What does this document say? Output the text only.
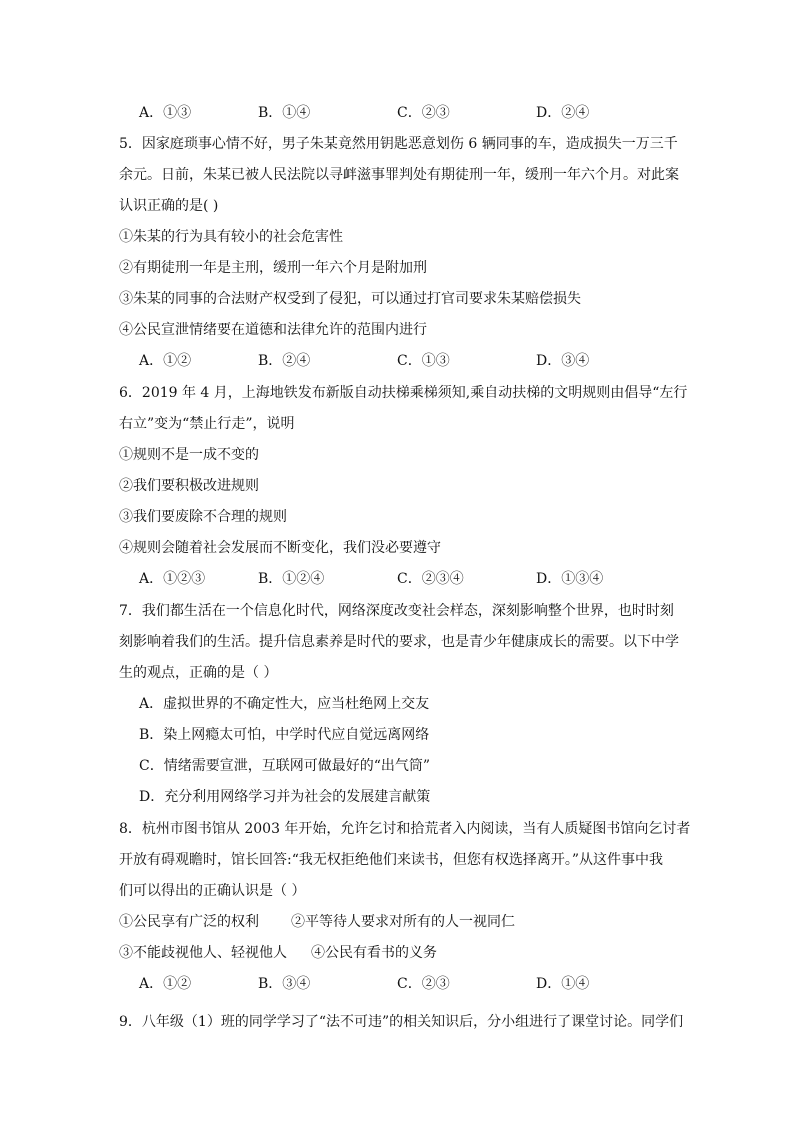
A．①③	B．①④	C．②③	D．②④
5．因家庭琐事心情不好，男子朱某竟然用钥匙恶意划伤 6 辆同事的车，造成损失一万三千
余元。日前，朱某已被人民法院以寻衅滋事罪判处有期徒刑一年，缓刑一年六个月。对此案
认识正确的是( )
①朱某的行为具有较小的社会危害性
②有期徒刑一年是主刑，缓刑一年六个月是附加刑
③朱某的同事的合法财产权受到了侵犯，可以通过打官司要求朱某赔偿损失
④公民宣泄情绪要在道德和法律允许的范围内进行
A．①②	B．②④	C．①③	D．③④
6．2019 年 4 月，上海地铁发布新版自动扶梯乘梯须知,乘自动扶梯的文明规则由倡导“左行
右立”变为“禁止行走”，说明
①规则不是一成不变的
②我们要积极改进规则
③我们要废除不合理的规则
④规则会随着社会发展而不断变化，我们没必要遵守
A．①②③	B．①②④	C．②③④	D．①③④
7．我们都生活在一个信息化时代，网络深度改变社会样态，深刻影响整个世界，也时时刻
刻影响着我们的生活。提升信息素养是时代的要求，也是青少年健康成长的需要。以下中学
生的观点，正确的是（ ）
A．虚拟世界的不确定性大，应当杜绝网上交友
B．染上网瘾太可怕，中学时代应自觉远离网络
C．情绪需要宣泄，互联网可做最好的“出气筒”
D．充分利用网络学习并为社会的发展建言献策
8．杭州市图书馆从 2003 年开始，允许乞讨和拾荒者入内阅读，当有人质疑图书馆向乞讨者
开放有碍观瞻时，馆长回答:“我无权拒绝他们来读书，但您有权选择离开。”从这件事中我
们可以得出的正确认识是（ ）
①公民享有广泛的权利 ②平等待人要求对所有的人一视同仁
③不能歧视他人、轻视他人 ④公民有看书的义务
A．①②	B．③④	C．②③	D．①④
9．八年级（1）班的同学学习了“法不可违”的相关知识后，分小组进行了课堂讨论。同学们
